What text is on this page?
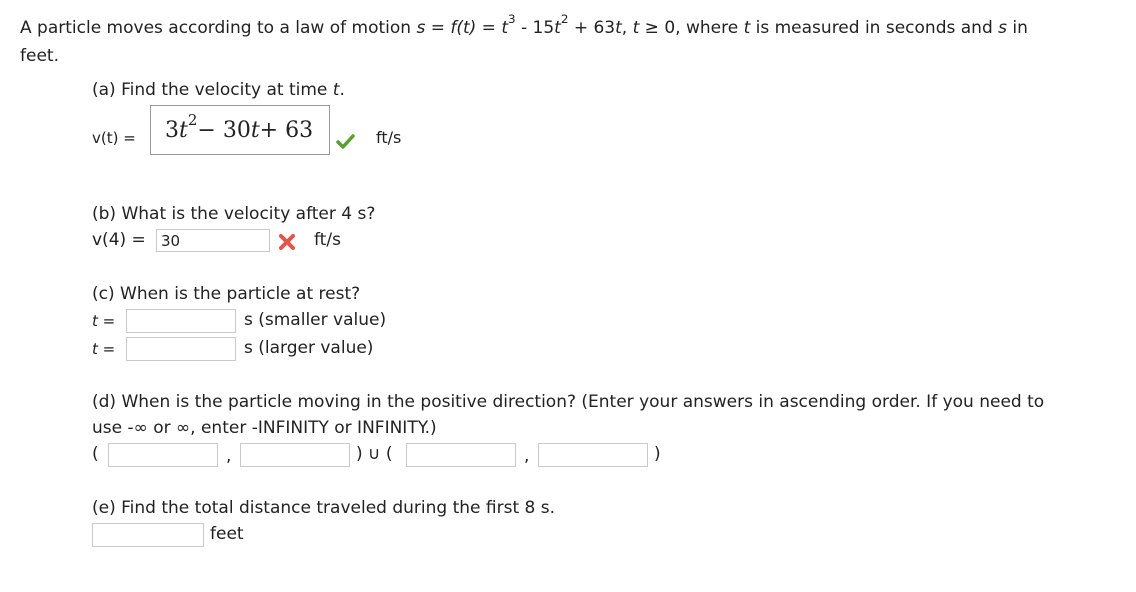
A particle moves according to a law of motion $s = f(t) = t^3 - 15t^2 + 63t$, t ≥ 0, where t is measured in seconds and s in
feet.
(a) Find the velocity at time t.
v(t) = 3 $t^2 - 30$ t + 63	ft/s
(b) What is the velocity after 4 s?
v(4) =
30	ft/s
(c) When is the particle at rest?
t =	s (smaller value)
t =	s (larger value)
(d) When is the particle moving in the positive direction? (Enter your answers in ascending order. If you need to
use -∞ or ∞, enter -INFINITY or INFINITY.)
(	,	) ∪ (	,	)
(e) Find the total distance traveled during the first 8 s.
feet
